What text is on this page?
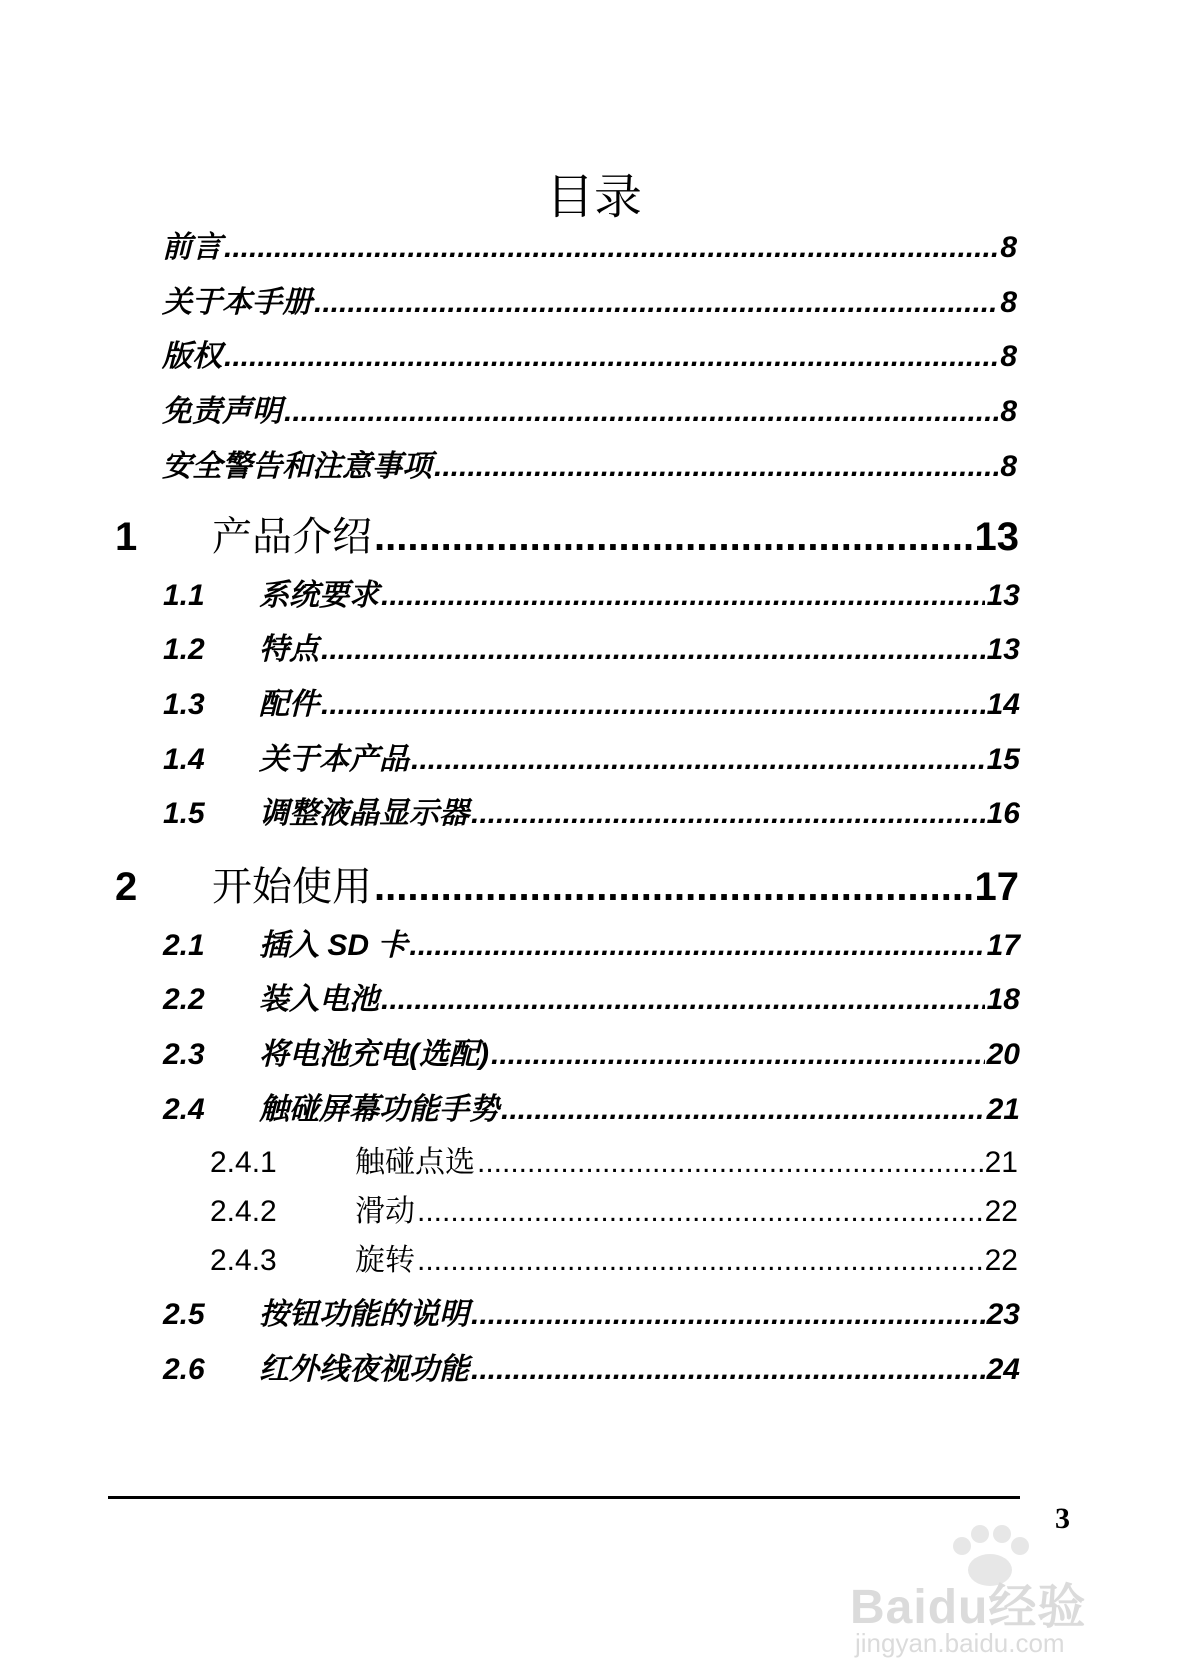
目录
前言 .....	8
关于本手册 .....	8
版权 .....	8
免责声明 .....	8
安全警告和注意事项 .....	8
1	产品介绍 .....	13
1.1	系统要求 .....	13
1.2	特点 .....	13
1.3	配件 .....	14
1.4	关于本产品 .....	15
1.5	调整液晶显示器 .....	16
2	开始使用 .....	17
2.1	插入 SD 卡 .....	17
2.2	装入电池 .....	18
2.3	将电池充电(选配) .....	20
2.4	触碰屏幕功能手势 .....	21
2.4.1	触碰点选 .....	21
2.4.2	滑动 .....	22
2.4.3	旋转 .....	22
2.5	按钮功能的说明 .....	23
2.6	红外线夜视功能 .....	24
3
Baidu经验
jingyan.baidu.com
